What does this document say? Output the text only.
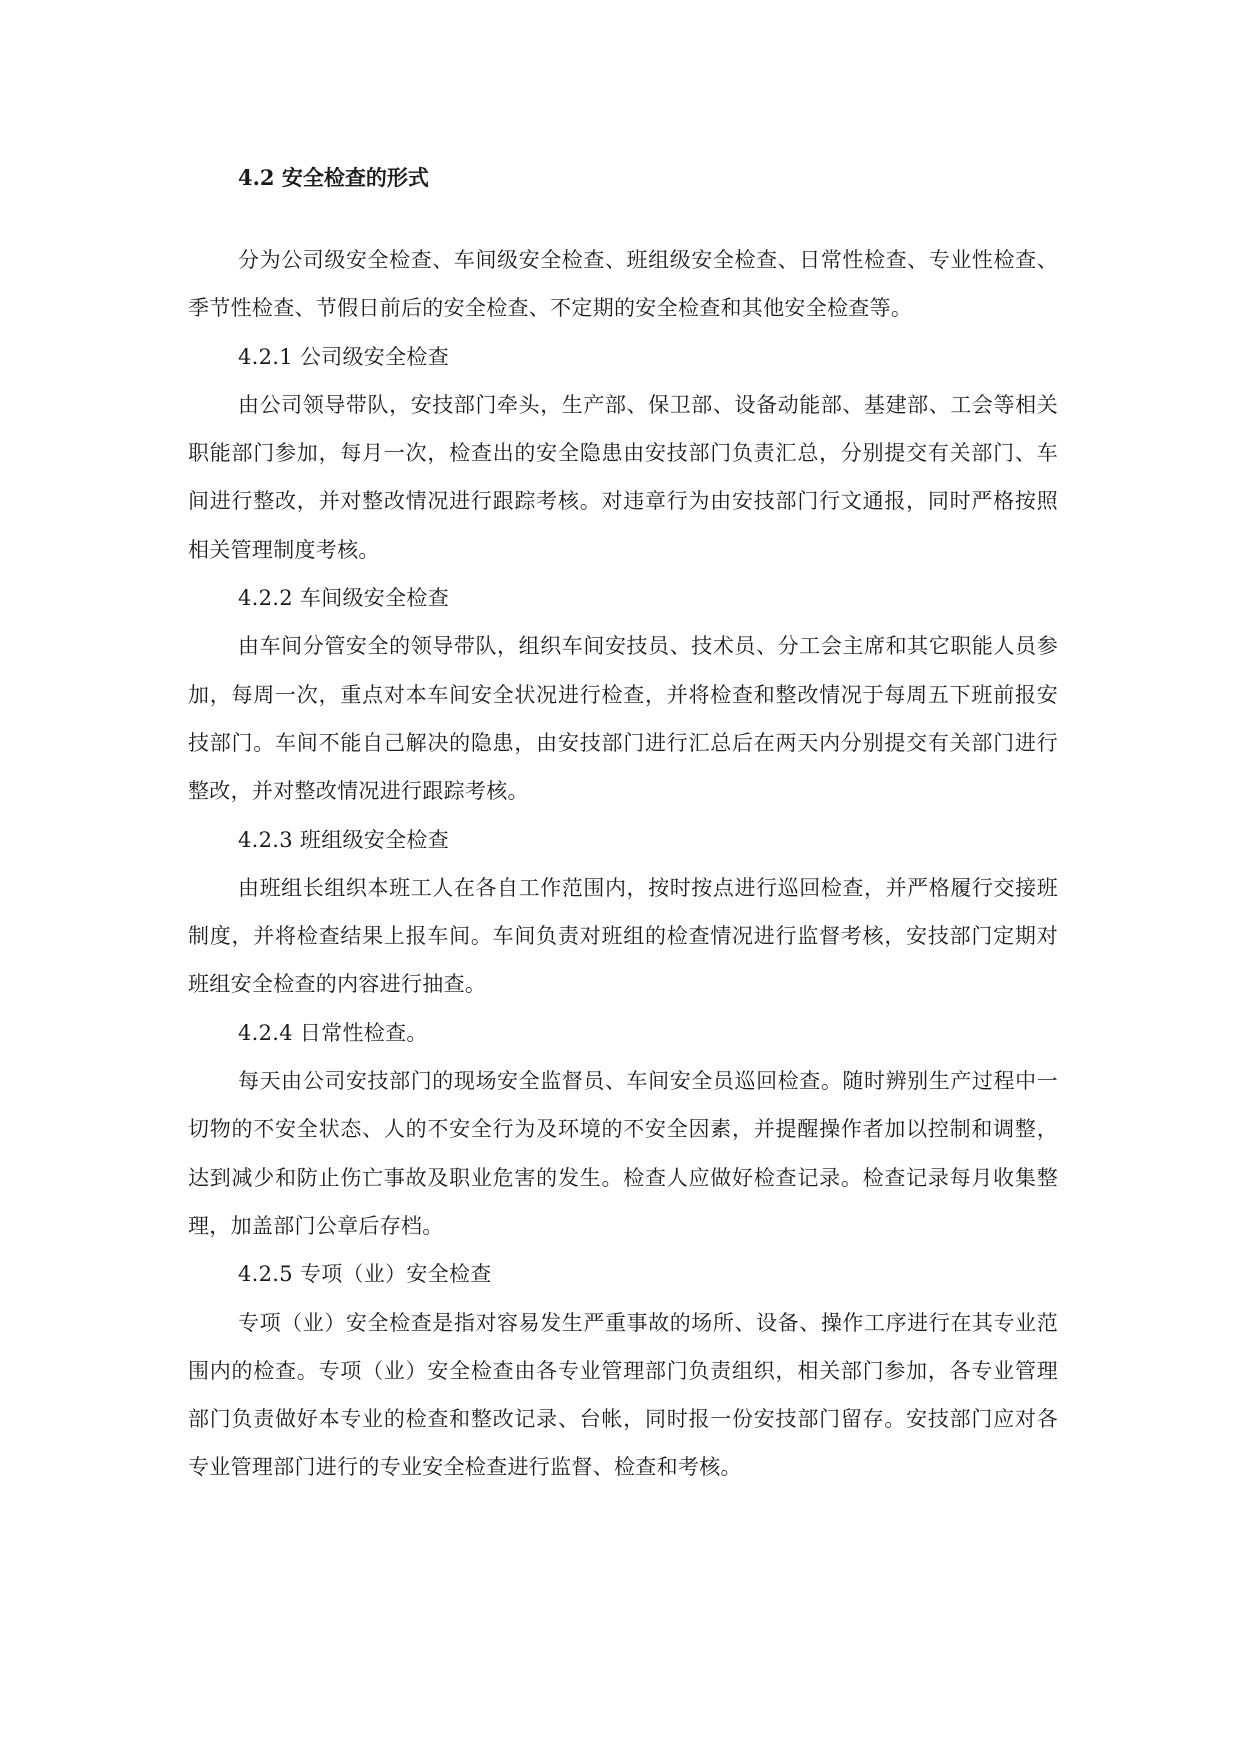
4.2 安全检查的形式

分为公司级安全检查、车间级安全检查、班组级安全检查、日常性检查、专业性检查、季节性检查、节假日前后的安全检查、不定期的安全检查和其他安全检查等。

4.2.1 公司级安全检查

由公司领导带队，安技部门牵头，生产部、保卫部、设备动能部、基建部、工会等相关职能部门参加，每月一次，检查出的安全隐患由安技部门负责汇总，分别提交有关部门、车间进行整改，并对整改情况进行跟踪考核。对违章行为由安技部门行文通报，同时严格按照相关管理制度考核。

4.2.2 车间级安全检查

由车间分管安全的领导带队，组织车间安技员、技术员、分工会主席和其它职能人员参加，每周一次，重点对本车间安全状况进行检查，并将检查和整改情况于每周五下班前报安技部门。车间不能自己解决的隐患，由安技部门进行汇总后在两天内分别提交有关部门进行整改，并对整改情况进行跟踪考核。

4.2.3 班组级安全检查

由班组长组织本班工人在各自工作范围内，按时按点进行巡回检查，并严格履行交接班制度，并将检查结果上报车间。车间负责对班组的检查情况进行监督考核，安技部门定期对班组安全检查的内容进行抽查。

4.2.4 日常性检查。

每天由公司安技部门的现场安全监督员、车间安全员巡回检查。随时辨别生产过程中一切物的不安全状态、人的不安全行为及环境的不安全因素，并提醒操作者加以控制和调整，达到减少和防止伤亡事故及职业危害的发生。检查人应做好检查记录。检查记录每月收集整理，加盖部门公章后存档。

4.2.5 专项（业）安全检查

专项（业）安全检查是指对容易发生严重事故的场所、设备、操作工序进行在其专业范围内的检查。专项（业）安全检查由各专业管理部门负责组织，相关部门参加，各专业管理部门负责做好本专业的检查和整改记录、台帐，同时报一份安技部门留存。安技部门应对各专业管理部门进行的专业安全检查进行监督、检查和考核。
